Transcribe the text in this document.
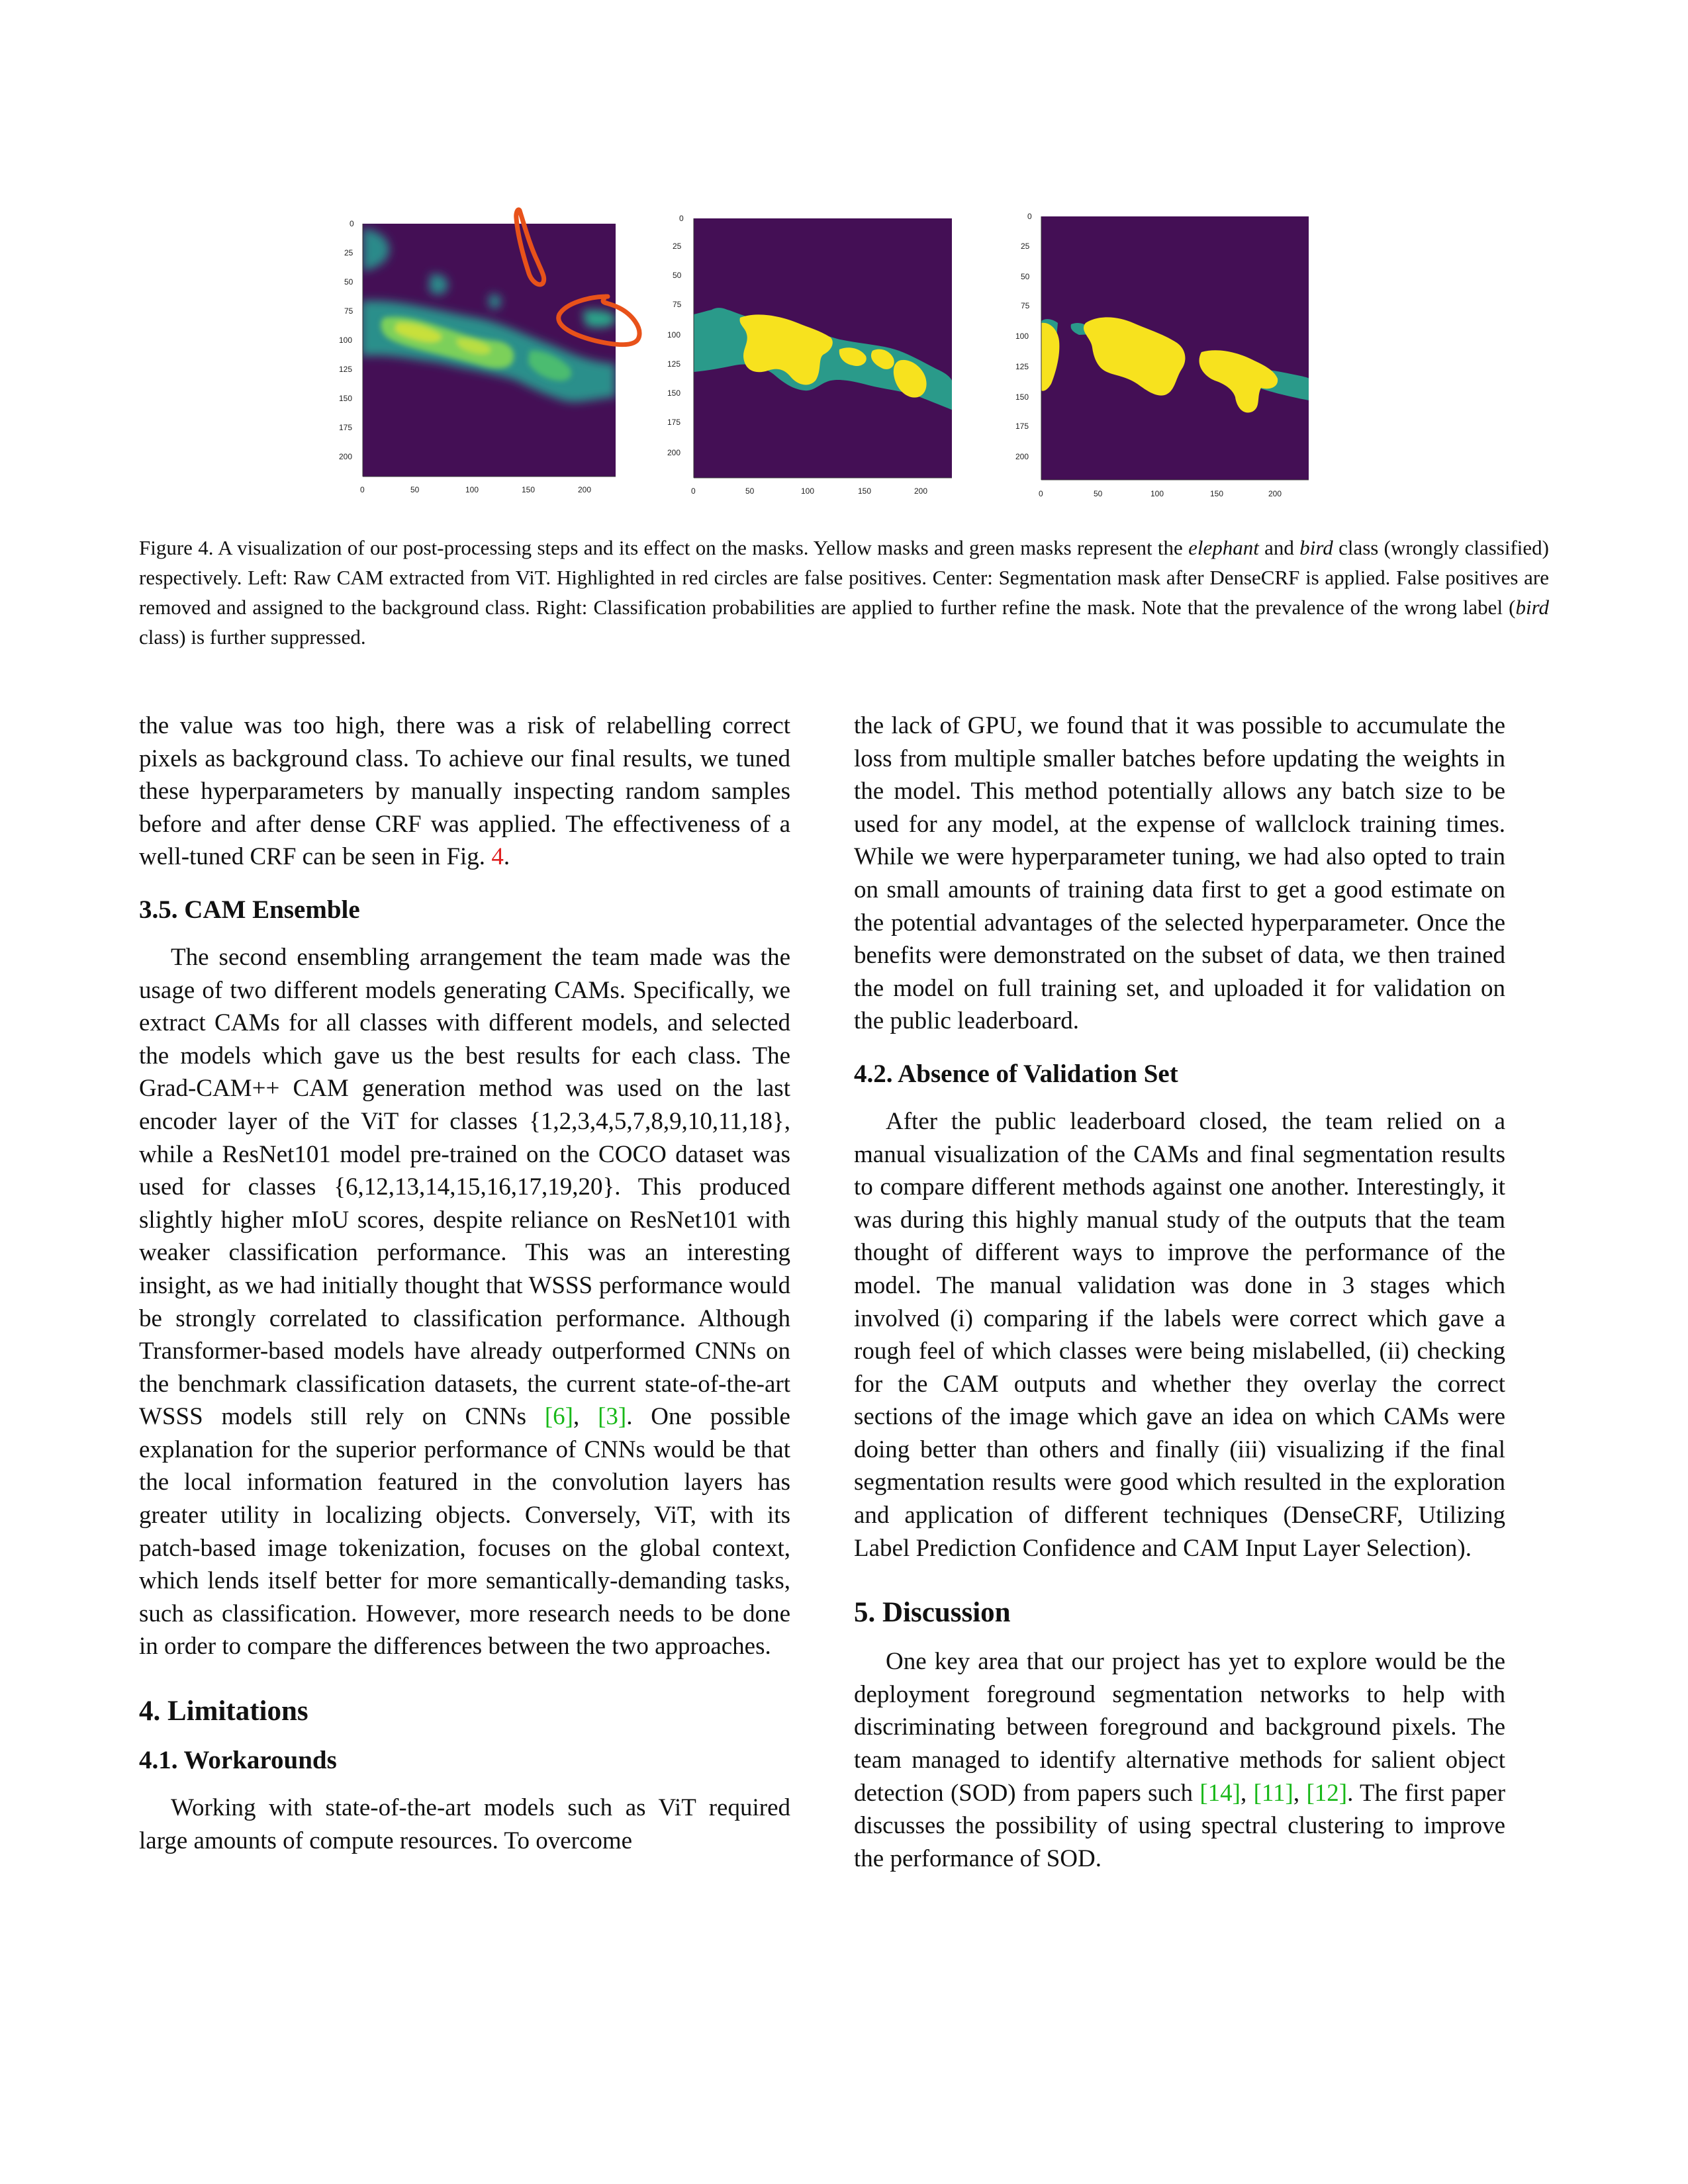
0
25
50
75
100
125
150
175
200
0	50	100	150	200
0
25
50
75
100
125
150
175
200
0	50	100	150	200
0
25
50
75
100
125
150
175
200
0	50	100	150	200
Figure 4. A visualization of our post-processing steps and its effect on the masks. Yellow masks and green masks represent the elephant and bird class (wrongly classified) respectively. Left: Raw CAM extracted from ViT. Highlighted in red circles are false positives. Center: Segmentation mask after DenseCRF is applied. False positives are removed and assigned to the background class. Right: Classification probabilities are applied to further refine the mask. Note that the prevalence of the wrong label (bird class) is further suppressed.

the value was too high, there was a risk of relabelling correct pixels as background class. To achieve our final results, we tuned these hyperparameters by manually inspecting random samples before and after dense CRF was applied. The effectiveness of a well-tuned CRF can be seen in Fig. 4.

3.5. CAM Ensemble

The second ensembling arrangement the team made was the usage of two different models generating CAMs. Specifically, we extract CAMs for all classes with different models, and selected the models which gave us the best results for each class. The Grad-CAM++ CAM generation method was used on the last encoder layer of the ViT for classes {1,2,3,4,5,7,8,9,10,11,18}, while a ResNet101 model pre-trained on the COCO dataset was used for classes {6,12,13,14,15,16,17,19,20}. This produced slightly higher mIoU scores, despite reliance on ResNet101 with weaker classification performance. This was an interesting insight, as we had initially thought that WSSS performance would be strongly correlated to classification performance. Although Transformer-based models have already outperformed CNNs on the benchmark classification datasets, the current state-of-the-art WSSS models still rely on CNNs [6], [3]. One possible explanation for the superior performance of CNNs would be that the local information featured in the convolution layers has greater utility in localizing objects. Conversely, ViT, with its patch-based image tokenization, focuses on the global context, which lends itself better for more semantically-demanding tasks, such as classification. However, more research needs to be done in order to compare the differences between the two approaches.

4. Limitations
4.1. Workarounds

Working with state-of-the-art models such as ViT required large amounts of compute resources. To overcome

the lack of GPU, we found that it was possible to accumulate the loss from multiple smaller batches before updating the weights in the model. This method potentially allows any batch size to be used for any model, at the expense of wallclock training times. While we were hyperparameter tuning, we had also opted to train on small amounts of training data first to get a good estimate on the potential advantages of the selected hyperparameter. Once the benefits were demonstrated on the subset of data, we then trained the model on full training set, and uploaded it for validation on the public leaderboard.

4.2. Absence of Validation Set

After the public leaderboard closed, the team relied on a manual visualization of the CAMs and final segmentation results to compare different methods against one another. Interestingly, it was during this highly manual study of the outputs that the team thought of different ways to improve the performance of the model. The manual validation was done in 3 stages which involved (i) comparing if the labels were correct which gave a rough feel of which classes were being mislabelled, (ii) checking for the CAM outputs and whether they overlay the correct sections of the image which gave an idea on which CAMs were doing better than others and finally (iii) visualizing if the final segmentation results were good which resulted in the exploration and application of different techniques (DenseCRF, Utilizing Label Prediction Confidence and CAM Input Layer Selection).

5. Discussion

One key area that our project has yet to explore would be the deployment foreground segmentation networks to help with discriminating between foreground and background pixels. The team managed to identify alternative methods for salient object detection (SOD) from papers such [14], [11], [12]. The first paper discusses the possibility of using spectral clustering to improve the performance of SOD.
